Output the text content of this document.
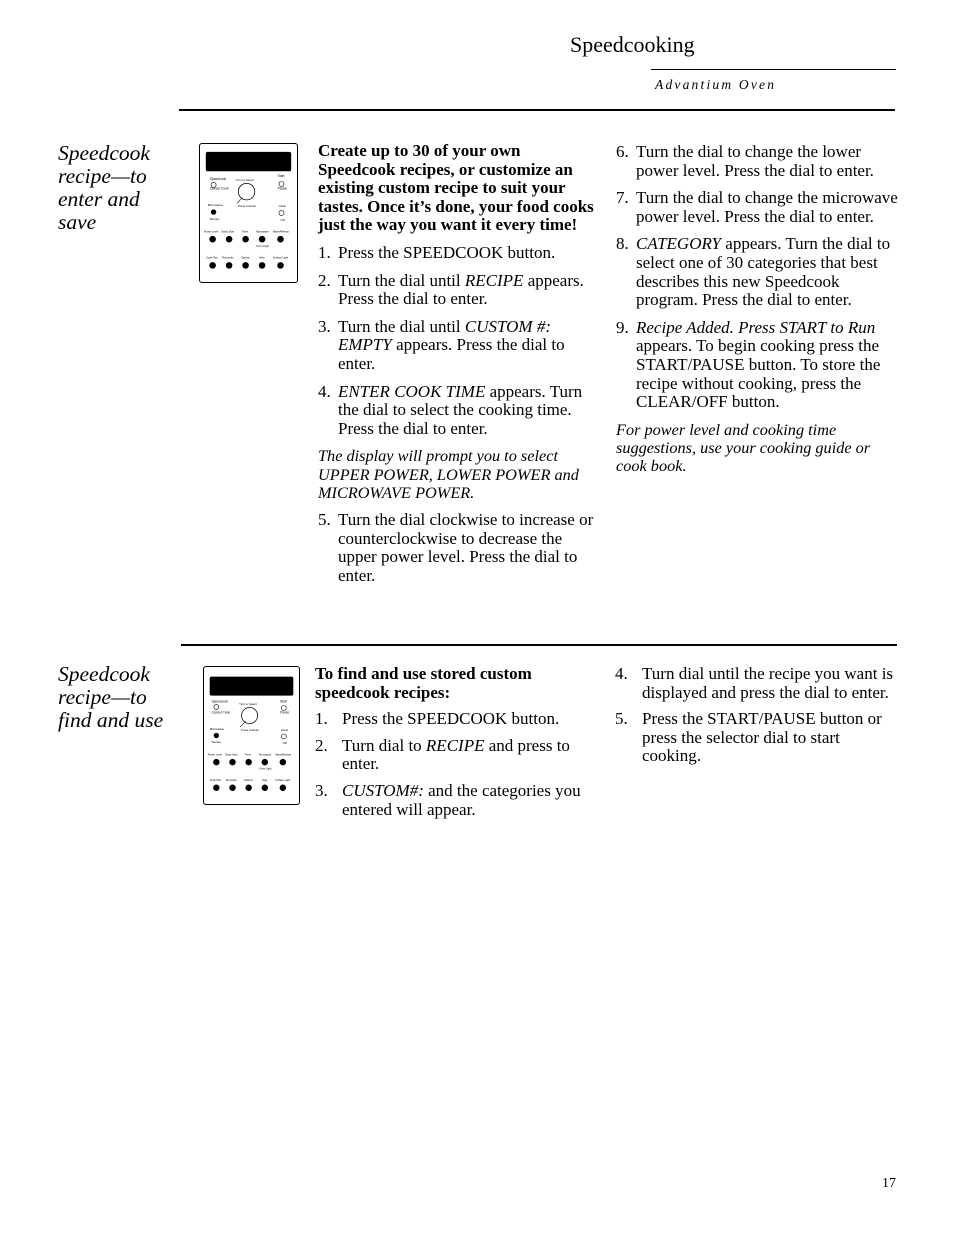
Speedcooking
Advantium Oven
Speedcook
recipe—to
enter and
save
Speedcook
Cancel Cook
Turn to Select
Press to Enter
Start
Pause
Microwave
Recipe
Clear
Off
Power Level Delay Start	Timer	Microwave Warm/Reheat
Oven Light
Cook Part Reminder	Options	Help	Surface Light
Create up to 30 of your own Speedcook recipes, or customize an existing custom recipe to suit your tastes. Once it’s done, your food cooks just the way you want it every time!
1. Press the SPEEDCOOK button.
2. Turn the dial until RECIPE appears. Press the dial to enter.
3. Turn the dial until CUSTOM #: EMPTY appears. Press the dial to enter.
4. ENTER COOK TIME appears. Turn the dial to select the cooking time. Press the dial to enter.
The display will prompt you to select UPPER POWER, LOWER POWER and MICROWAVE POWER.
5. Turn the dial clockwise to increase or counterclockwise to decrease the upper power level. Press the dial to enter.
6. Turn the dial to change the lower power level. Press the dial to enter.
7. Turn the dial to change the microwave power level. Press the dial to enter.
8. CATEGORY appears. Turn the dial to select one of 30 categories that best describes this new Speedcook program. Press the dial to enter.
9. Recipe Added. Press START to Run appears. To begin cooking press the START/PAUSE button. To store the recipe without cooking, press the CLEAR/OFF button.
For power level and cooking time suggestions, use your cooking guide or cook book.
Speedcook
recipe—to
find and use
Speedcook
Cancel Cook
Turn to Select
Press to Enter
Start
Pause
Microwave
Recipe
Clear
Off
Power Level Delay Start	Timer	Microwave Warm/Reheat
Oven Light
Cook Part Reminder	Options	Help	Surface Light
To find and use stored custom speedcook recipes:
1. Press the SPEEDCOOK button.
2. Turn dial to RECIPE and press to enter.
3. CUSTOM#: and the categories you entered will appear.
4. Turn dial until the recipe you want is displayed and press the dial to enter.
5. Press the START/PAUSE button or press the selector dial to start cooking.
17
